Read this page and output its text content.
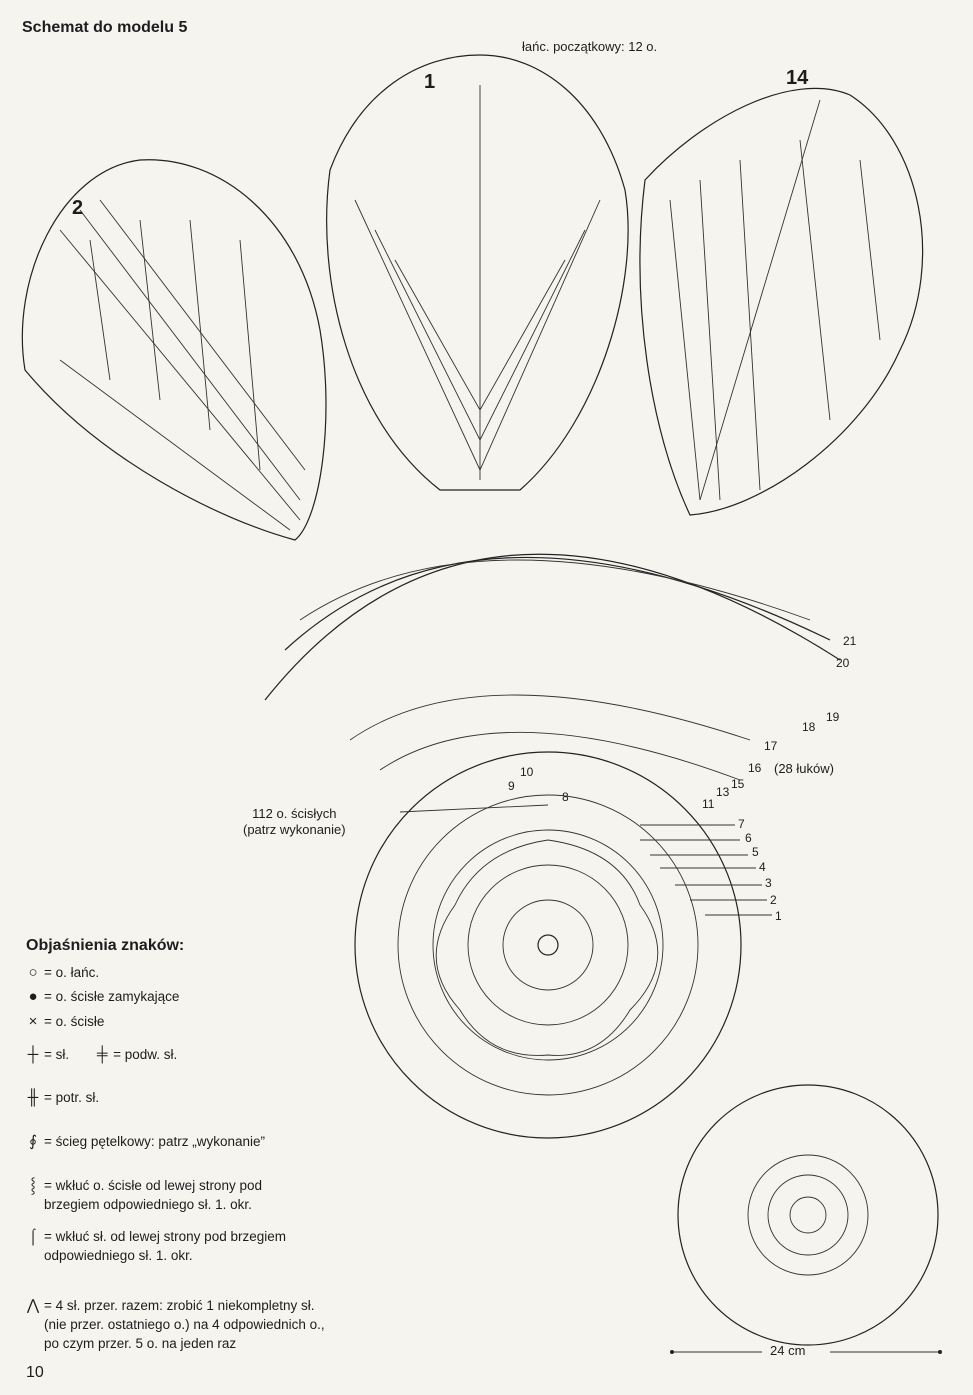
Schemat do modelu 5
1
2
14
łańc. początkowy: 12 o.
112 o. ścisłych
(patrz wykonanie)
(28 łuków)
1
2
3
4
5
6
7
8
9
10
11
13
15
16
17
18
19
20
21
Objaśnienia znaków:
○ = o. łańc.
● = o. ścisłe zamykające
× = o. ścisłe
┼ = sł.	╪ = podw. sł.
╫ = potr. sł.
∮ = ścieg pętelkowy: patrz „wykonanie”
⸾ = wkłuć o. ścisłe od lewej strony pod
brzegiem odpowiedniego sł. 1. okr.
⌠ = wkłuć sł. od lewej strony pod brzegiem
odpowiedniego sł. 1. okr.
⋀ = 4 sł. przer. razem: zrobić 1 niekompletny sł.
(nie przer. ostatniego o.) na 4 odpowiednich o.,
po czym przer. 5 o. na jeden raz	24 cm
10
